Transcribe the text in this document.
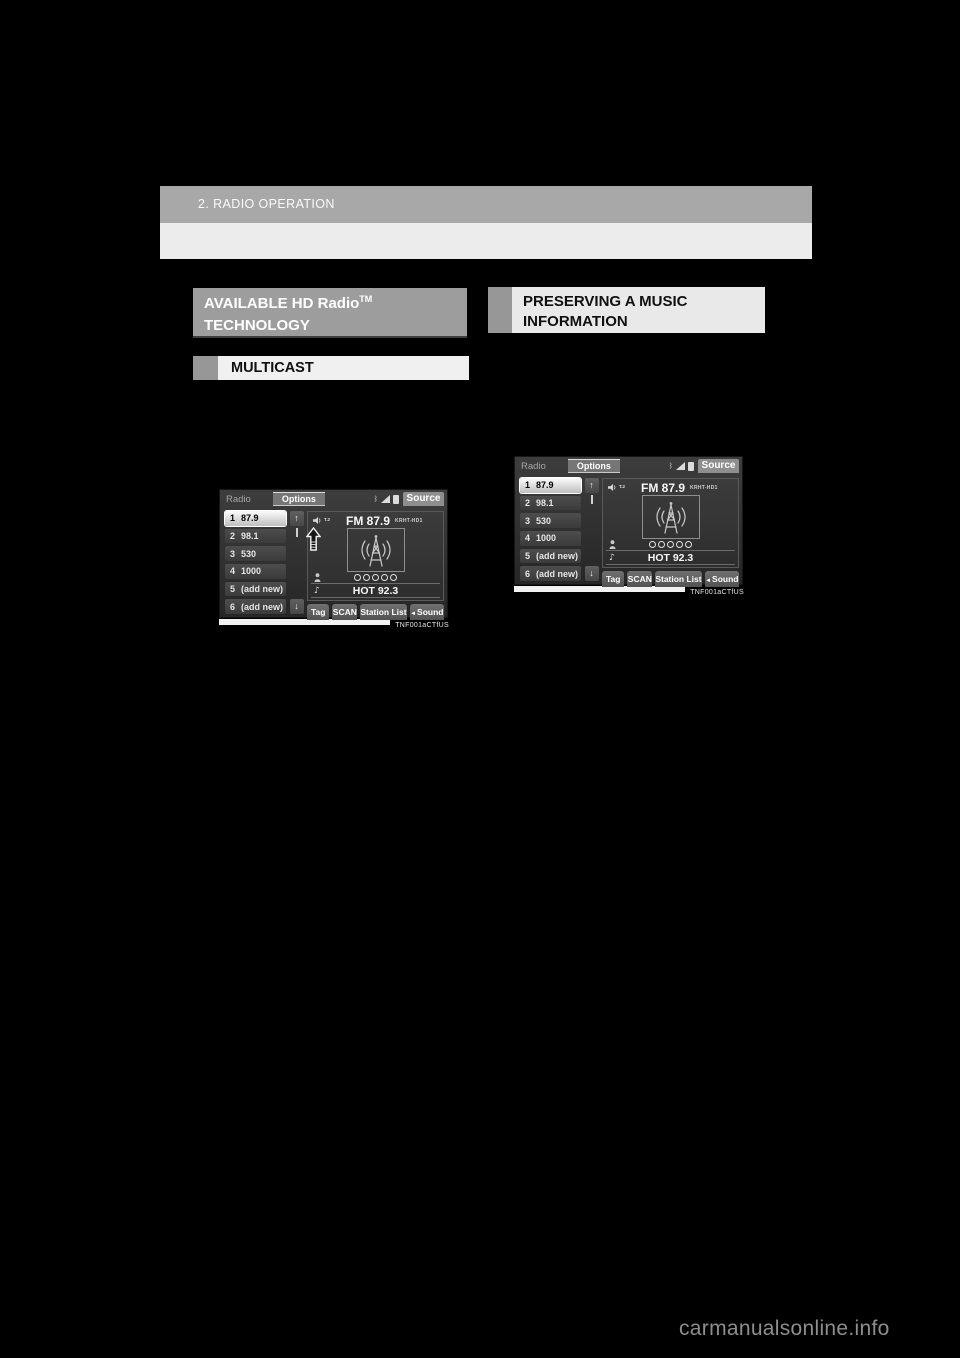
2. RADIO OPERATION
AVAILABLE HD Radio™
TECHNOLOGY
PRESERVING A MUSIC
INFORMATION
MULTICAST
Radio	Options	ᛒ	Source
1 87.9
2 98.1
3 530
4 1000
5 (add new)
6 (add new)
↑
↓
T.2 FM 87.9 KRHT-HD1
♪	HOT 92.3
Tag SCAN Station List ◄Sound
TNF001aCTfUS
Radio	Options	ᛒ	Source
1 87.9
2 98.1
3 530
4 1000
5 (add new)
6 (add new)
↑
↓
T.2 FM 87.9 KRHT-HD1
♪	HOT 92.3
Tag SCAN Station List ◄Sound
TNF001aCTfUS
carmanualsonline.info
